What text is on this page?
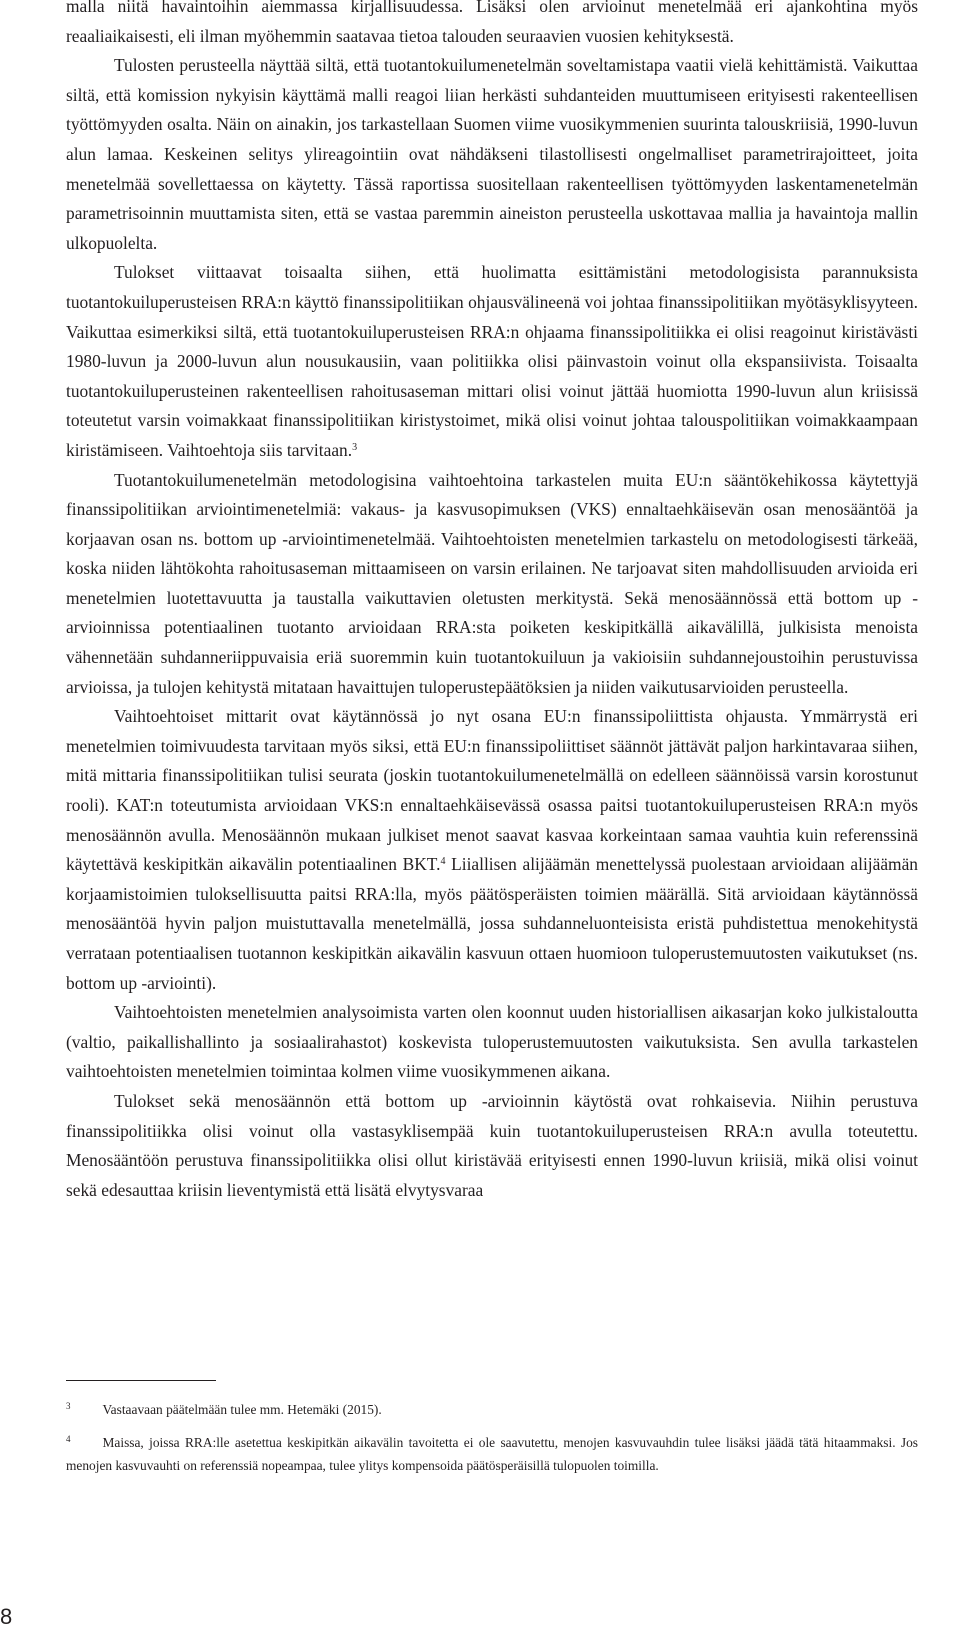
malla niitä havaintoihin aiemmassa kirjallisuudessa. Lisäksi olen arvioinut menetelmää eri ajankohtina myös reaaliaikaisesti, eli ilman myöhemmin saatavaa tietoa talouden seuraavien vuosien kehityksestä.

Tulosten perusteella näyttää siltä, että tuotantokuilumenetelmän soveltamistapa vaatii vielä kehittämistä. Vaikuttaa siltä, että komission nykyisin käyttämä malli reagoi liian herkästi suhdanteiden muuttumiseen erityisesti rakenteellisen työttömyyden osalta. Näin on ainakin, jos tarkastellaan Suomen viime vuosikymmenien suurinta talouskriisiä, 1990-luvun alun lamaa. Keskeinen selitys ylireagointiin ovat nähdäkseni tilastollisesti ongelmalliset parametrirajoitteet, joita menetelmää sovellettaessa on käytetty. Tässä raportissa suositellaan rakenteellisen työttömyyden laskentamenetelmän parametrisoinnin muuttamista siten, että se vastaa paremmin aineiston perusteella uskottavaa mallia ja havaintoja mallin ulkopuolelta.

Tulokset viittaavat toisaalta siihen, että huolimatta esittämistäni metodologisista parannuksista tuotantokuiluperusteisen RRA:n käyttö finanssipolitiikan ohjausvälineenä voi johtaa finanssipolitiikan myötäsyklisyyteen. Vaikuttaa esimerkiksi siltä, että tuotantokuiluperusteisen RRA:n ohjaama finanssipolitiikka ei olisi reagoinut kiristävästi 1980-luvun ja 2000-luvun alun nousukausiin, vaan politiikka olisi päinvastoin voinut olla ekspansiivista. Toisaalta tuotantokuiluperusteinen rakenteellisen rahoitusaseman mittari olisi voinut jättää huomiotta 1990-luvun alun kriisissä toteutetut varsin voimakkaat finanssipolitiikan kiristystoimet, mikä olisi voinut johtaa talouspolitiikan voimakkaampaan kiristämiseen. Vaihtoehtoja siis tarvitaan.$^3$

Tuotantokuilumenetelmän metodologisina vaihtoehtoina tarkastelen muita EU:n sääntökehikossa käytettyjä finanssipolitiikan arviointimenetelmiä: vakaus- ja kasvusopimuksen (VKS) ennaltaehkäisevän osan menosääntöä ja korjaavan osan ns. bottom up -arviointimenetelmää. Vaihtoehtoisten menetelmien tarkastelu on metodologisesti tärkeää, koska niiden lähtökohta rahoitusaseman mittaamiseen on varsin erilainen. Ne tarjoavat siten mahdollisuuden arvioida eri menetelmien luotettavuutta ja taustalla vaikuttavien oletusten merkitystä. Sekä menosäännössä että bottom up -arvioinnissa potentiaalinen tuotanto arvioidaan RRA:sta poiketen keskipitkällä aikavälillä, julkisista menoista vähennetään suhdanneriippuvaisia eriä suoremmin kuin tuotantokuiluun ja vakioisiin suhdannejoustoihin perustuvissa arvioissa, ja tulojen kehitystä mitataan havaittujen tuloperustepäätöksien ja niiden vaikutusarvioiden perusteella.

Vaihtoehtoiset mittarit ovat käytännössä jo nyt osana EU:n finanssipoliittista ohjausta. Ymmärrystä eri menetelmien toimivuudesta tarvitaan myös siksi, että EU:n finanssipoliittiset säännöt jättävät paljon harkintavaraa siihen, mitä mittaria finanssipolitiikan tulisi seurata (joskin tuotantokuilumenetelmällä on edelleen säännöissä varsin korostunut rooli). KAT:n toteutumista arvioidaan VKS:n ennaltaehkäisevässä osassa paitsi tuotantokuiluperusteisen RRA:n myös menosäännön avulla. Menosäännön mukaan julkiset menot saavat kasvaa korkeintaan samaa vauhtia kuin referenssinä käytettävä keskipitkän aikavälin potentiaalinen BKT.$^4$ Liiallisen alijäämän menettelyssä puolestaan arvioidaan alijäämän korjaamistoimien tuloksellisuutta paitsi RRA:lla, myös päätösperäisten toimien määrällä. Sitä arvioidaan käytännössä menosääntöä hyvin paljon muistuttavalla menetelmällä, jossa suhdanneluonteisista eristä puhdistettua menokehitystä verrataan potentiaalisen tuotannon keskipitkän aikavälin kasvuun ottaen huomioon tuloperustemuutosten vaikutukset (ns. bottom up -arviointi).

Vaihtoehtoisten menetelmien analysoimista varten olen koonnut uuden historiallisen aikasarjan koko julkistaloutta (valtio, paikallishallinto ja sosiaalirahastot) koskevista tuloperustemuutosten vaikutuksista. Sen avulla tarkastelen vaihtoehtoisten menetelmien toimintaa kolmen viime vuosikymmenen aikana.

Tulokset sekä menosäännön että bottom up -arvioinnin käytöstä ovat rohkaisevia. Niihin perustuva finanssipolitiikka olisi voinut olla vastasyklisempää kuin tuotantokuiluperusteisen RRA:n avulla toteutettu. Menosääntöön perustuva finanssipolitiikka olisi ollut kiristävää erityisesti ennen 1990-luvun kriisiä, mikä olisi voinut sekä edesauttaa kriisin lieventymistä että lisätä elvytysvaraa

$^3$ Vastaavaan päätelmään tulee mm. Hetemäki (2015).
$^4$ Maissa, joissa RRA:lle asetettua keskipitkän aikavälin tavoitetta ei ole saavutettu, menojen kasvuvauhdin tulee lisäksi jäädä tätä hitaammaksi. Jos menojen kasvuvauhti on referenssiä nopeampaa, tulee ylitys kompensoida päätösperäisillä tulopuolen toimilla.
8
